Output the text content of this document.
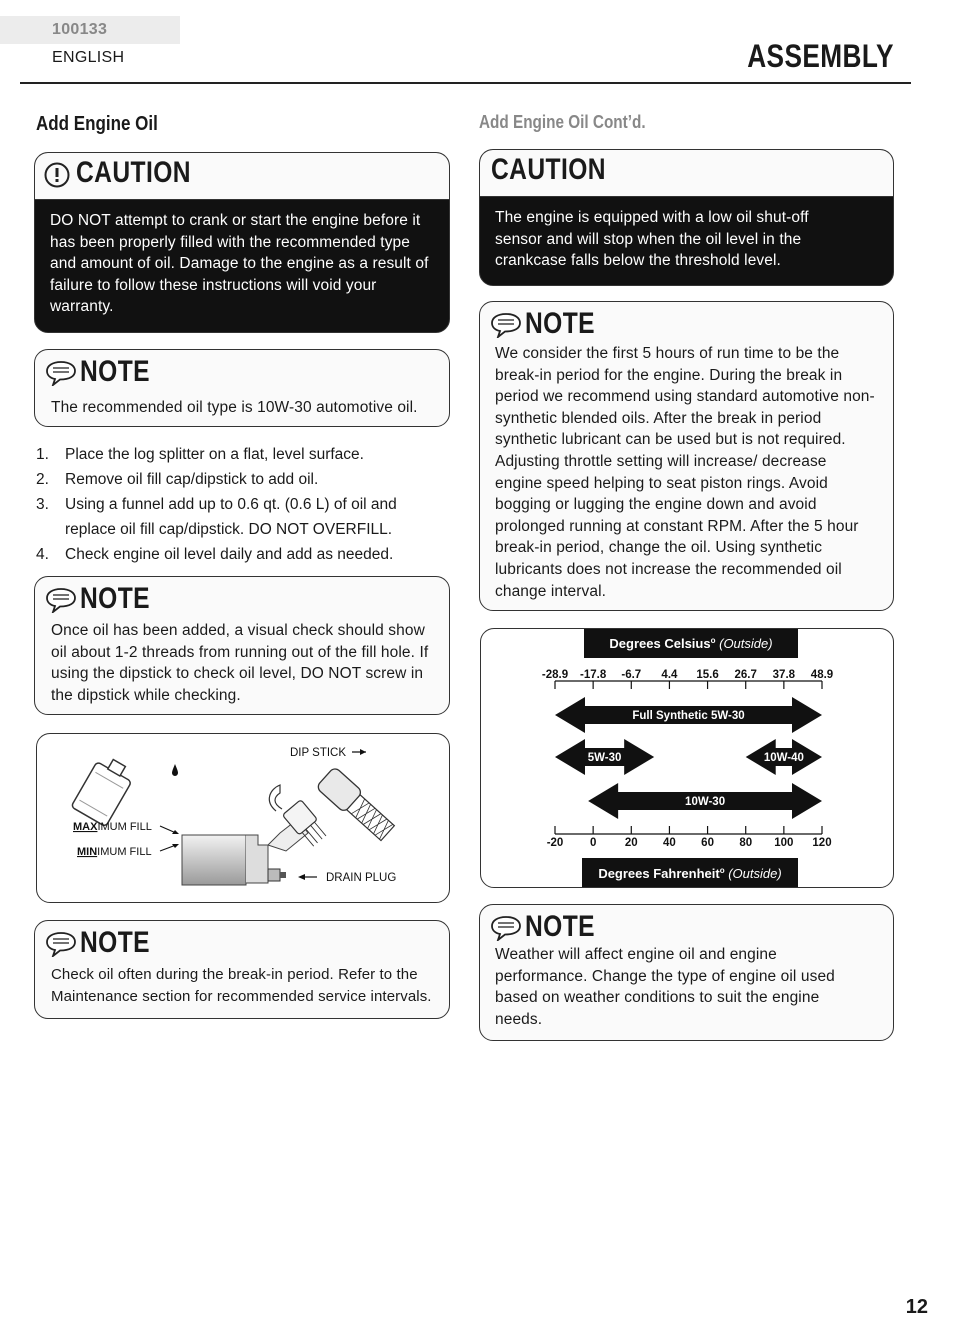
100133 ENGLISH	ASSEMBLY
Add Engine Oil
CAUTION
DO NOT attempt to crank or start the engine before it has been properly filled with the recommended type and amount of oil. Damage to the engine as a result of failure to follow these instructions will void your warranty.
NOTE
The recommended oil type is 10W-30 automotive oil.
1. Place the log splitter on a flat, level surface.
2. Remove oil fill cap/dipstick to add oil.
3. Using a funnel add up to 0.6 qt. (0.6 L) of oil and replace oil fill cap/dipstick. DO NOT OVERFILL.
4. Check engine oil level daily and add as needed.
NOTE
Once oil has been added, a visual check should show oil about 1-2 threads from running out of the fill hole. If using the dipstick to check oil level, DO NOT screw in the dipstick while checking.
DIP STICK
MAXIMUM FILL
MINIMUM FILL
DRAIN PLUG
NOTE
Check oil often during the break-in period. Refer to the Maintenance section for recommended service intervals.
Add Engine Oil Cont’d.
CAUTION
The engine is equipped with a low oil shut-off sensor and will stop when the oil level in the crankcase falls below the threshold level.
NOTE
We consider the first 5 hours of run time to be the break-in period for the engine. During the break in period we recommend using standard automotive non-synthetic blended oils. After the break in period synthetic lubricant can be used but is not required. Adjusting throttle setting will increase/ decrease engine speed helping to seat piston rings. Avoid bogging or lugging the engine down and avoid prolonged running at constant RPM. After the 5 hour break-in period, change the oil. Using synthetic lubricants does not increase the recommended oil change interval.
Degrees Celsius$^o$ (Outside)
-28.9 -17.8 -6.7 4.4 15.6 26.7 37.8 48.9
Full Synthetic 5W-30
5W-30	10W-40
10W-30
-20 0 20 40 60 80 100 120
Degrees Fahrenheit$^o$ (Outside)
NOTE
Weather will affect engine oil and engine performance. Change the type of engine oil used based on weather conditions to suit the engine needs.
12
